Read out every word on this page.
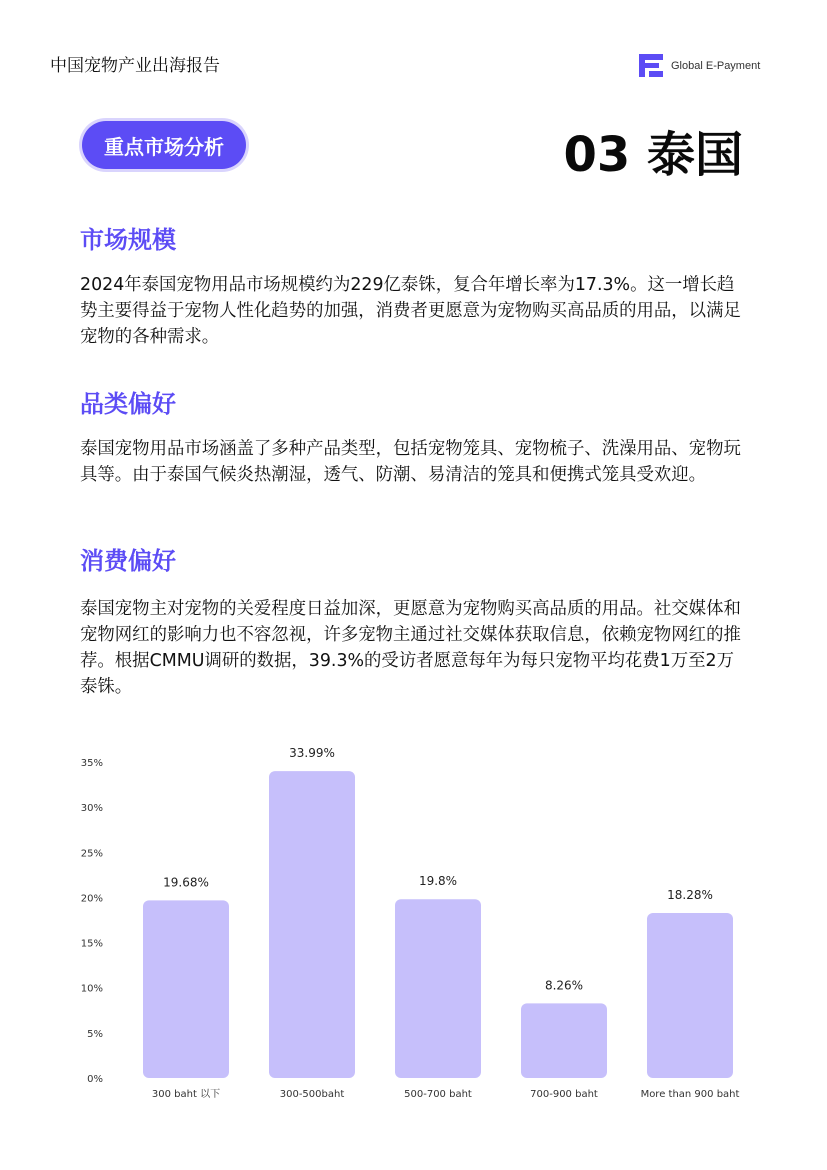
中国宠物产业出海报告	Global E-Payment
重点市场分析	03 泰国
市场规模
2024年泰国宠物用品市场规模约为229亿泰铢，复合年增长率为17.3%。这一增长趋势主要得益于宠物人性化趋势的加强，消费者更愿意为宠物购买高品质的用品，以满足宠物的各种需求。
品类偏好
泰国宠物用品市场涵盖了多种产品类型，包括宠物笼具、宠物梳子、洗澡用品、宠物玩具等。由于泰国气候炎热潮湿，透气、防潮、易清洁的笼具和便携式笼具受欢迎。
消费偏好
泰国宠物主对宠物的关爱程度日益加深，更愿意为宠物购买高品质的用品。社交媒体和宠物网红的影响力也不容忽视，许多宠物主通过社交媒体获取信息，依赖宠物网红的推荐。根据CMMU调研的数据，39.3%的受访者愿意每年为每只宠物平均花费1万至2万泰铢。
0%
5%
10%
15%
20%
25%
30%
35%
19.68%
300 baht 以下
33.99%
300-500baht
19.8%
500-700 baht
8.26%
700-900 baht
18.28%
More than 900 baht
